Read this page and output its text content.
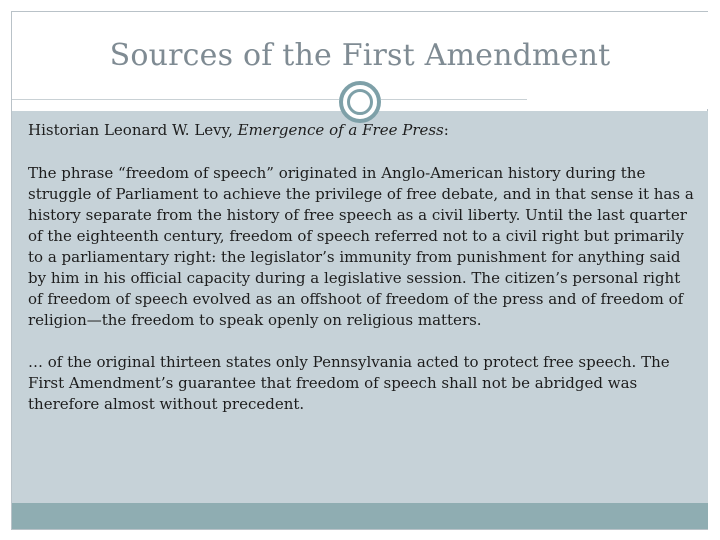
Sources of the First Amendment

Historian Leonard W. Levy, Emergence of a Free Press:

The phrase “freedom of speech” originated in Anglo-American history during the struggle of Parliament to achieve the privilege of free debate, and in that sense it has a history separate from the history of free speech as a civil liberty. Until the last quarter of the eighteenth century, freedom of speech referred not to a civil right but primarily to a parliamentary right: the legislator’s immunity from punishment for anything said by him in his official capacity during a legislative session. The citizen’s personal right of freedom of speech evolved as an offshoot of freedom of the press and of freedom of religion—the freedom to speak openly on religious matters.

… of the original thirteen states only Pennsylvania acted to protect free speech. The First Amendment’s guarantee that freedom of speech shall not be abridged was therefore almost without precedent.
